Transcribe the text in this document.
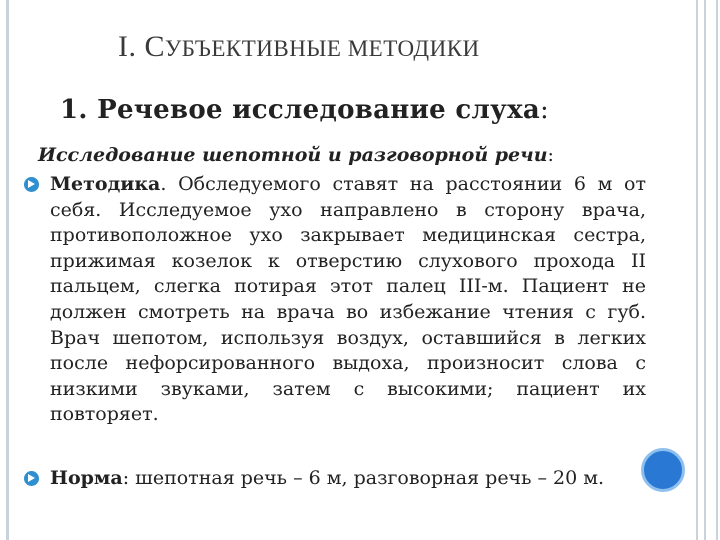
I. СУБЪЕКТИВНЫЕ МЕТОДИКИ
1. Речевое исследование слуха:
Исследование шепотной и разговорной речи:
Методика. Обследуемого ставят на расстоянии 6 м от себя. Исследуемое ухо направлено в сторону врача, противоположное ухо закрывает медицинская сестра, прижимая козелок к отверстию слухового прохода II пальцем, слегка потирая этот палец III-м. Пациент не должен смотреть на врача во избежание чтения с губ. Врач шепотом, используя воздух, оставшийся в легких после нефорсированного выдоха, произносит слова с низкими звуками, затем с высокими; пациент их повторяет.
Норма: шепотная речь – 6 м, разговорная речь – 20 м.
